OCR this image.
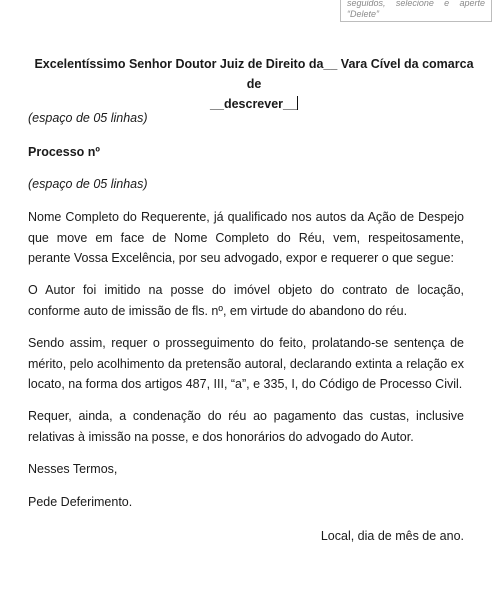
seguidos, selecione e aperte
“Delete”
Excelentíssimo Senhor Doutor Juiz de Direito da__ Vara Cível da comarca de
__descrever__
(espaço de 05 linhas)
Processo nº
(espaço de 05 linhas)
Nome Completo do Requerente, já qualificado nos autos da Ação de Despejo que move em face de Nome Completo do Réu, vem, respeitosamente, perante Vossa Excelência, por seu advogado, expor e requerer o que segue:
O Autor foi imitido na posse do imóvel objeto do contrato de locação, conforme auto de imissão de fls. nº, em virtude do abandono do réu.
Sendo assim, requer o prosseguimento do feito, prolatando-se sentença de mérito, pelo acolhimento da pretensão autoral, declarando extinta a relação ex locato, na forma dos artigos 487, III, “a”, e 335, I, do Código de Processo Civil.
Requer, ainda, a condenação do réu ao pagamento das custas, inclusive relativas à imissão na posse, e dos honorários do advogado do Autor.
Nesses Termos,
Pede Deferimento.
Local, dia de mês de ano.
